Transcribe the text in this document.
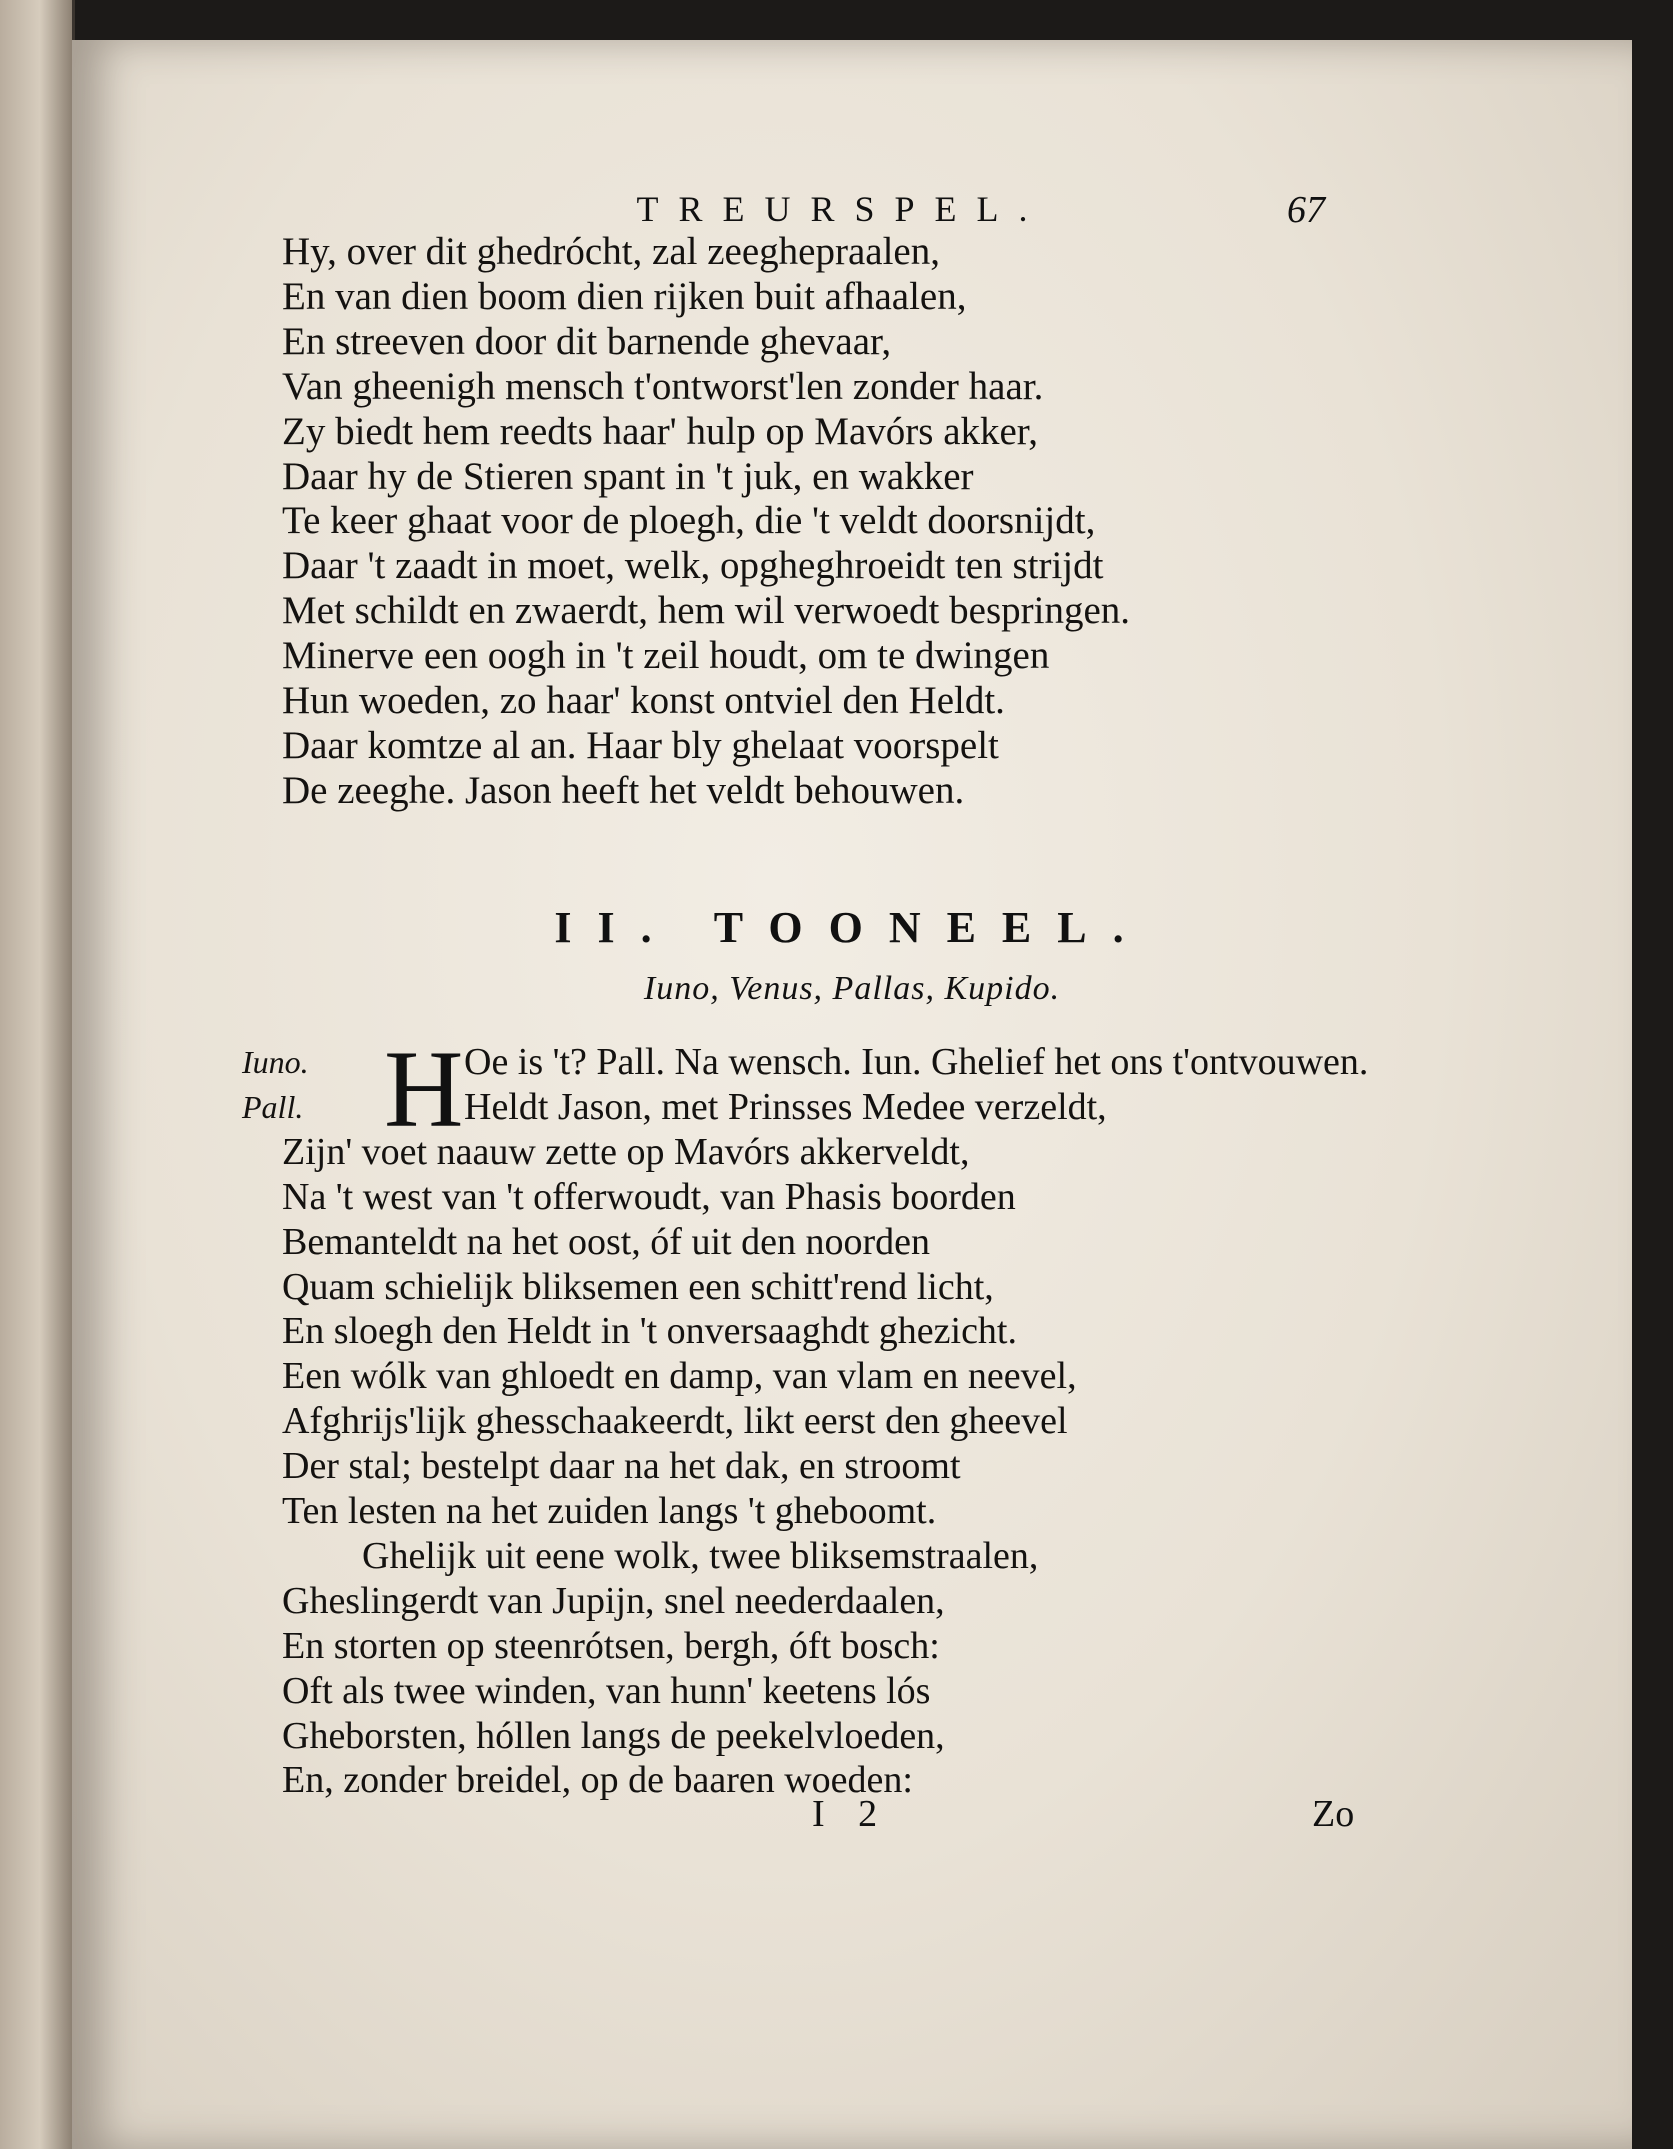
TREURSPEL.	67
Hy, over dit ghedrócht, zal zeeghepraalen,
En van dien boom dien rijken buit afhaalen,
En streeven door dit barnende ghevaar,
Van gheenigh mensch t'ontworst'len zonder haar.
Zy biedt hem reedts haar' hulp op Mavórs akker,
Daar hy de Stieren spant in 't juk, en wakker
Te keer ghaat voor de ploegh, die 't veldt doorsnijdt,
Daar 't zaadt in moet, welk, opgheghroeidt ten strijdt
Met schildt en zwaerdt, hem wil verwoedt bespringen.
Minerve een oogh in 't zeil houdt, om te dwingen
Hun woeden, zo haar' konst ontviel den Heldt.
Daar komtze al an. Haar bly ghelaat voorspelt
De zeeghe. Jason heeft het veldt behouwen.
II. TOONEEL.
Iuno, Venus, Pallas, Kupido.
Iuno. H Oe is 't? Pall. Na wensch. Iun. Ghelief het ons t'ontvouwen.
Pall.	Heldt Jason, met Prinsses Medee verzeldt,
Zijn' voet naauw zette op Mavórs akkerveldt,
Na 't west van 't offerwoudt, van Phasis boorden
Bemanteldt na het oost, óf uit den noorden
Quam schielijk bliksemen een schitt'rend licht,
En sloegh den Heldt in 't onversaaghdt ghezicht.
Een wólk van ghloedt en damp, van vlam en neevel,
Afghrijs'lijk ghesschaakeerdt, likt eerst den gheevel
Der stal; bestelpt daar na het dak, en stroomt
Ten lesten na het zuiden langs 't gheboomt.
Ghelijk uit eene wolk, twee bliksemstraalen,
Gheslingerdt van Jupijn, snel neederdaalen,
En storten op steenrótsen, bergh, óft bosch:
Oft als twee winden, van hunn' keetens lós
Gheborsten, hóllen langs de peekelvloeden,
En, zonder breidel, op de baaren woeden:
I 2	Zo
